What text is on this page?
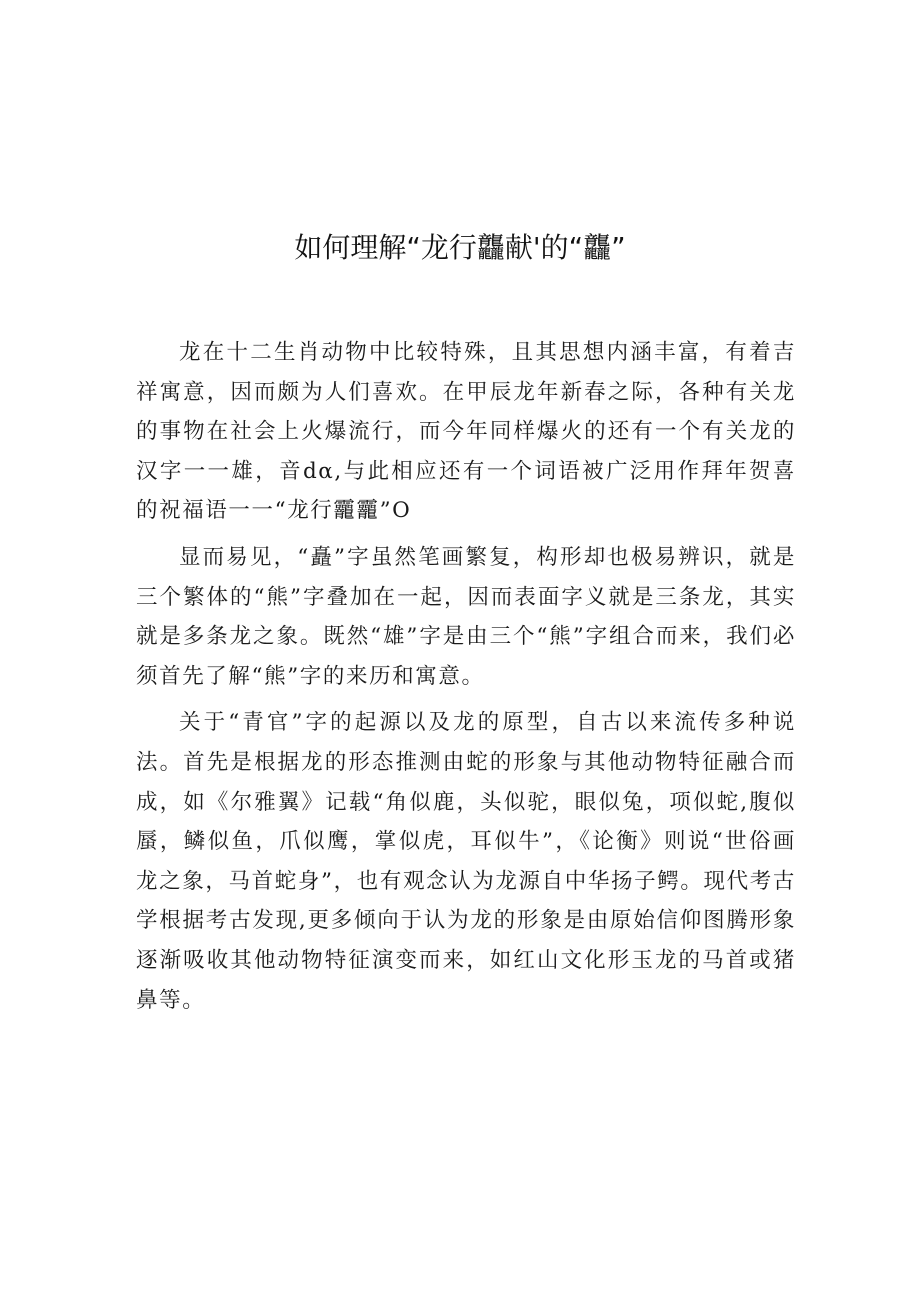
如何理解“龙行龘献'的“龘”

龙在十二生肖动物中比较特殊，且其思想内涵丰富，有着吉祥寓意，因而颇为人们喜欢。在甲辰龙年新春之际，各种有关龙的事物在社会上火爆流行，而今年同样爆火的还有一个有关龙的汉字一一雄，音dα,与此相应还有一个词语被广泛用作拜年贺喜的祝福语一一“龙行龗龗”O

显而易见，“矗”字虽然笔画繁复，构形却也极易辨识，就是三个繁体的“熊”字叠加在一起，因而表面字义就是三条龙，其实就是多条龙之象。既然“雄”字是由三个“熊”字组合而来，我们必须首先了解“熊”字的来历和寓意。

关于“青官”字的起源以及龙的原型，自古以来流传多种说法。首先是根据龙的形态推测由蛇的形象与其他动物特征融合而成，如《尔雅翼》记载“角似鹿，头似驼，眼似兔，项似蛇,腹似蜃，鳞似鱼，爪似鹰，掌似虎，耳似牛”，《论衡》则说“世俗画龙之象，马首蛇身”，也有观念认为龙源自中华扬子鳄。现代考古学根据考古发现,更多倾向于认为龙的形象是由原始信仰图腾形象逐渐吸收其他动物特征演变而来，如红山文化形玉龙的马首或猪鼻等。
